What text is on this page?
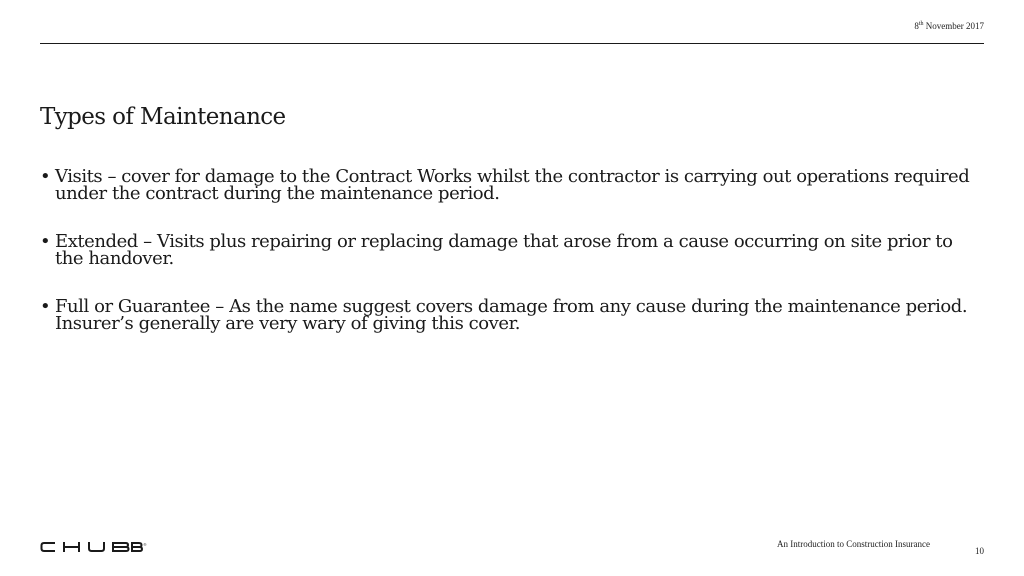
8th November 2017
Types of Maintenance
• Visits – cover for damage to the Contract Works whilst the contractor is carrying out operations required under the contract during the maintenance period.
• Extended – Visits plus repairing or replacing damage that arose from a cause occurring on site prior to the handover.
• Full or Guarantee – As the name suggest covers damage from any cause during the maintenance period. Insurer’s generally are very wary of giving this cover.
®	An Introduction to Construction Insurance
10
